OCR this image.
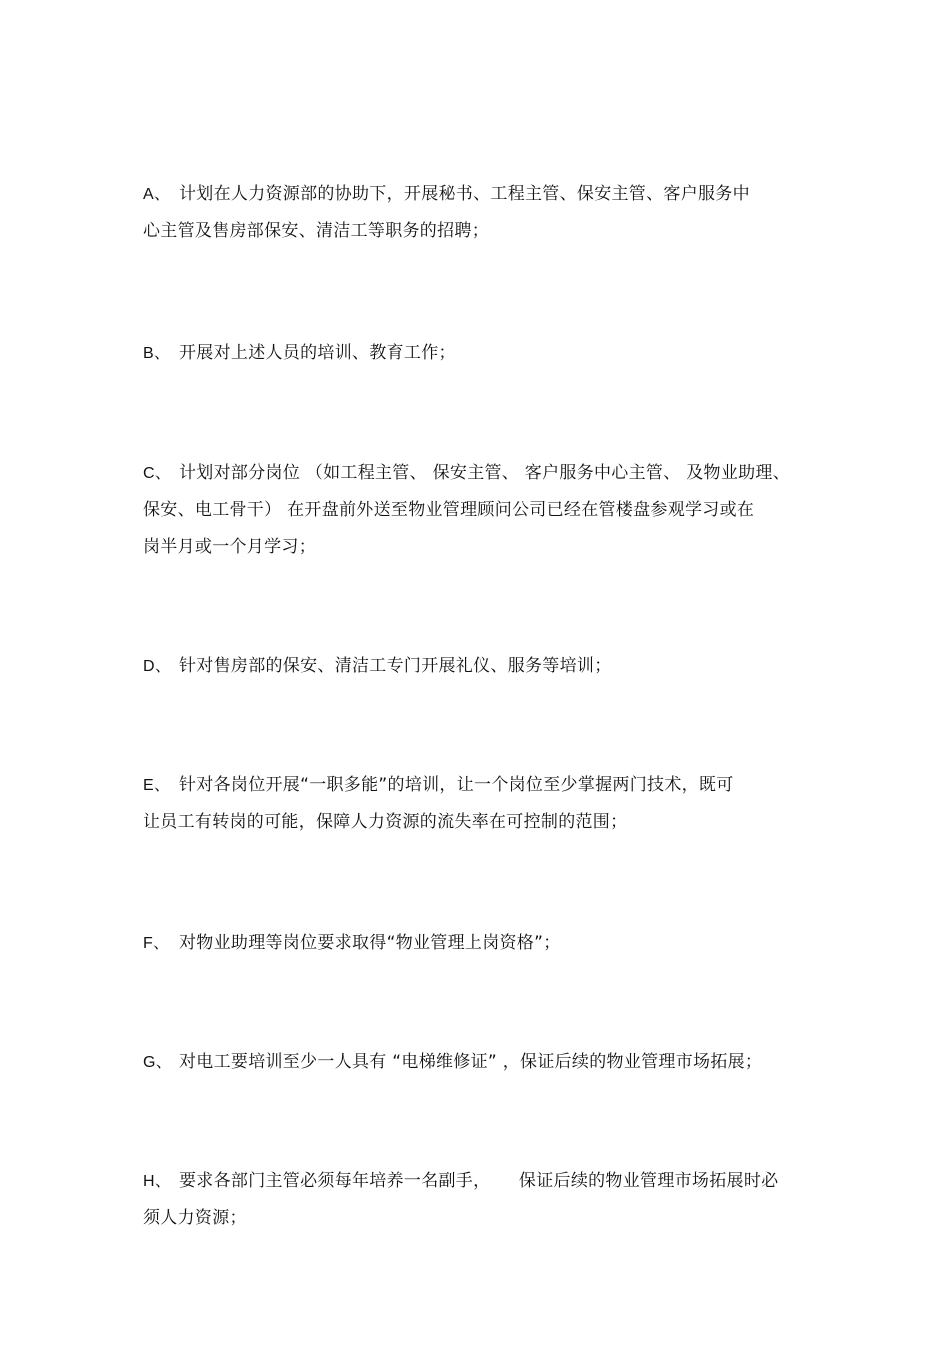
A、 计划在人力资源部的协助下，开展秘书、工程主管、保安主管、客户服务中
心主管及售房部保安、清洁工等职务的招聘；
B、 开展对上述人员的培训、教育工作；
C、 计划对部分岗位 （如工程主管、 保安主管、 客户服务中心主管、 及物业助理、
保安、电工骨干） 在开盘前外送至物业管理顾问公司已经在管楼盘参观学习或在
岗半月或一个月学习；
D、 针对售房部的保安、清洁工专门开展礼仪、服务等培训；
E、 针对各岗位开展“一职多能”的培训，让一个岗位至少掌握两门技术，既可
让员工有转岗的可能，保障人力资源的流失率在可控制的范围；
F、 对物业助理等岗位要求取得“物业管理上岗资格”；
G、 对电工要培训至少一人具有 “电梯维修证” ，保证后续的物业管理市场拓展；
H、 要求各部门主管必须每年培养一名副手，     保证后续的物业管理市场拓展时必
须人力资源；
